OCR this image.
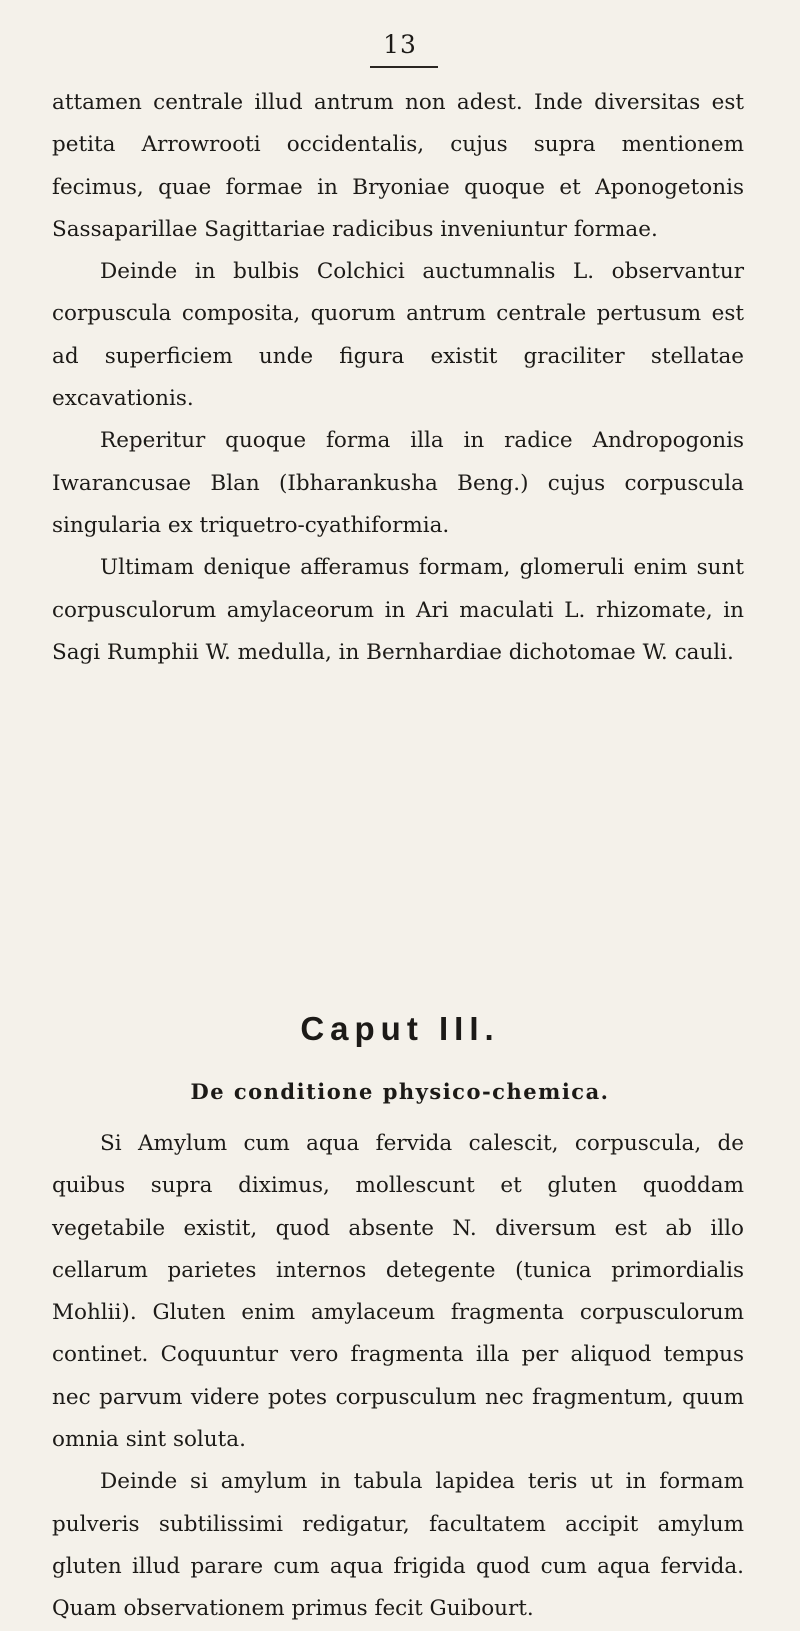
13

attamen centrale illud antrum non adest. Inde diversitas est petita Arrowrooti occidentalis, cujus supra mentionem fecimus, quae formae in Bryoniae quoque et Aponogetonis Sassaparillae Sagittariae radicibus inveniuntur formae.

Deinde in bulbis Colchici auctumnalis L. observantur corpuscula composita, quorum antrum centrale pertusum est ad superficiem unde figura existit graciliter stellatae excavationis.

Reperitur quoque forma illa in radice Andropogonis Iwarancusae Blan (Ibharankusha Beng.) cujus corpuscula singularia ex triquetro-cyathiformia.

Ultimam denique afferamus formam, glomeruli enim sunt corpusculorum amylaceorum in Ari maculati L. rhizomate, in Sagi Rumphii W. medulla, in Bernhardiae dichotomae W. cauli.

Caput III.
De conditione physico-chemica.

Si Amylum cum aqua fervida calescit, corpuscula, de quibus supra diximus, mollescunt et gluten quoddam vegetabile existit, quod absente N. diversum est ab illo cellarum parietes internos detegente (tunica primordialis Mohlii). Gluten enim amylaceum fragmenta corpusculorum continet. Coquuntur vero fragmenta illa per aliquod tempus nec parvum videre potes corpusculum nec fragmentum, quum omnia sint soluta.

Deinde si amylum in tabula lapidea teris ut in formam pulveris subtilissimi redigatur, facultatem accipit amylum gluten illud parare cum aqua frigida quod cum aqua fervida. Quam observationem primus fecit Guibourt.
